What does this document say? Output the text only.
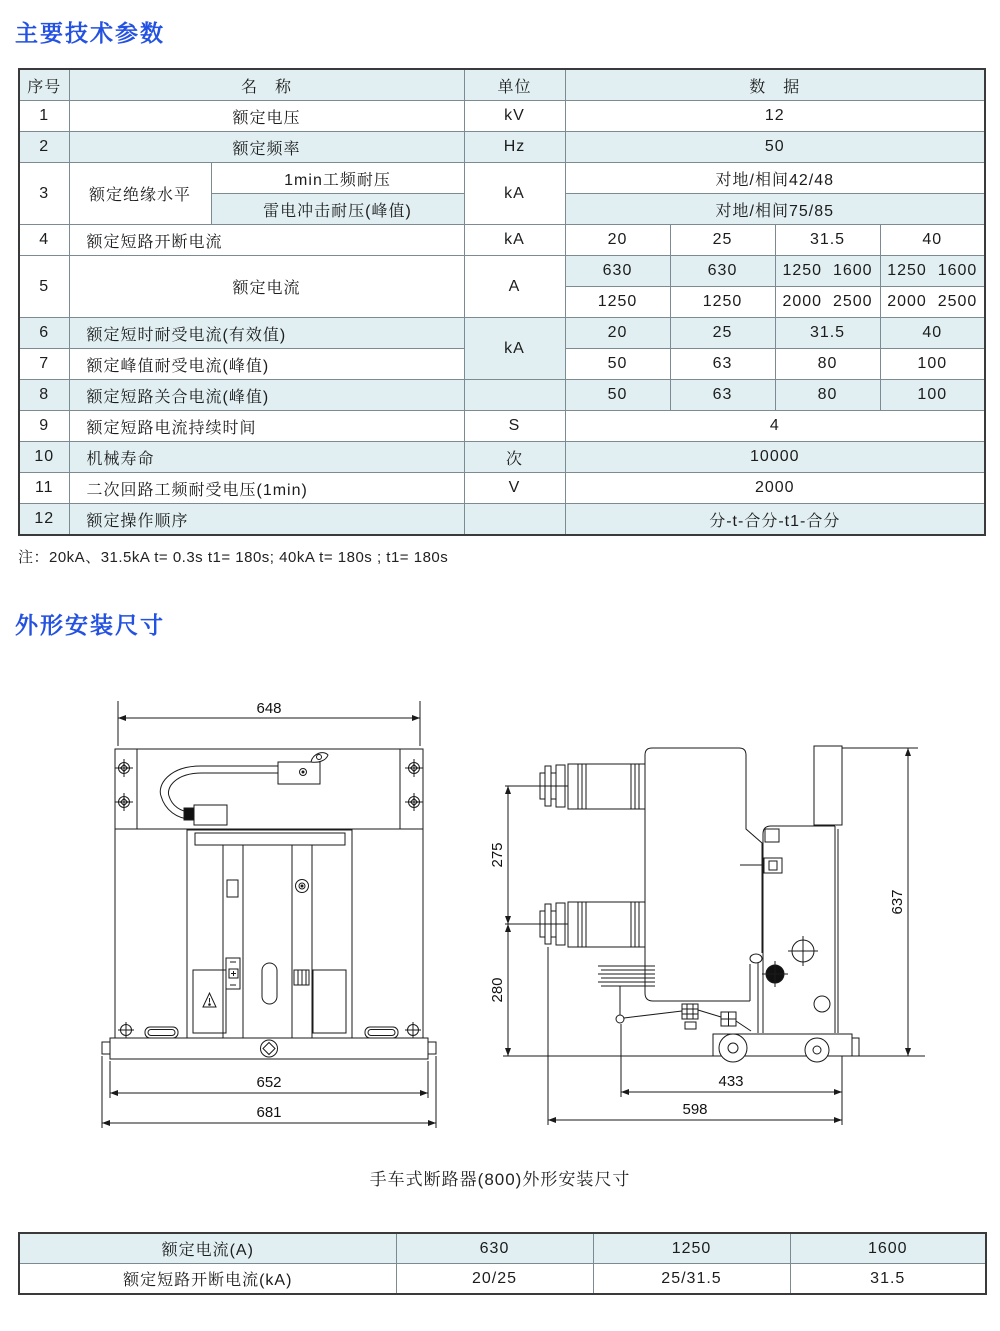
主要技术参数
序号	名　称		单位	数　据			
1	额定电压		kV	12			
2	额定频率		Hz	50			
3	额定绝缘水平	1min工频耐压	kA	对地/相间42/48			
		雷电冲击耐压(峰值)		对地/相间75/85			
4	额定短路开断电流		kA	20	25	31.5	40
5	额定电流		A	630	630	1250  1600	1250  1600
				1250	1250	2000  2500	2000  2500
6	额定短时耐受电流(有效值)		kA	20	25	31.5	40
7	额定峰值耐受电流(峰值)			50	63	80	100
8	额定短路关合电流(峰值)			50	63	80	100
9	额定短路电流持续时间		S	4			
10	机械寿命		次	10000			
11	二次回路工频耐受电压(1min)		V	2000			
12	额定操作顺序			分-t-合分-t1-合分			
注：20kA、31.5kA t= 0.3s t1= 180s; 40kA t= 180s ; t1= 180s
外形安装尺寸
648
652
681
275
280
637
433
598
手车式断路器(800)外形安装尺寸
额定电流(A)	630	1250	1600
额定短路开断电流(kA)	20/25	25/31.5	31.5
